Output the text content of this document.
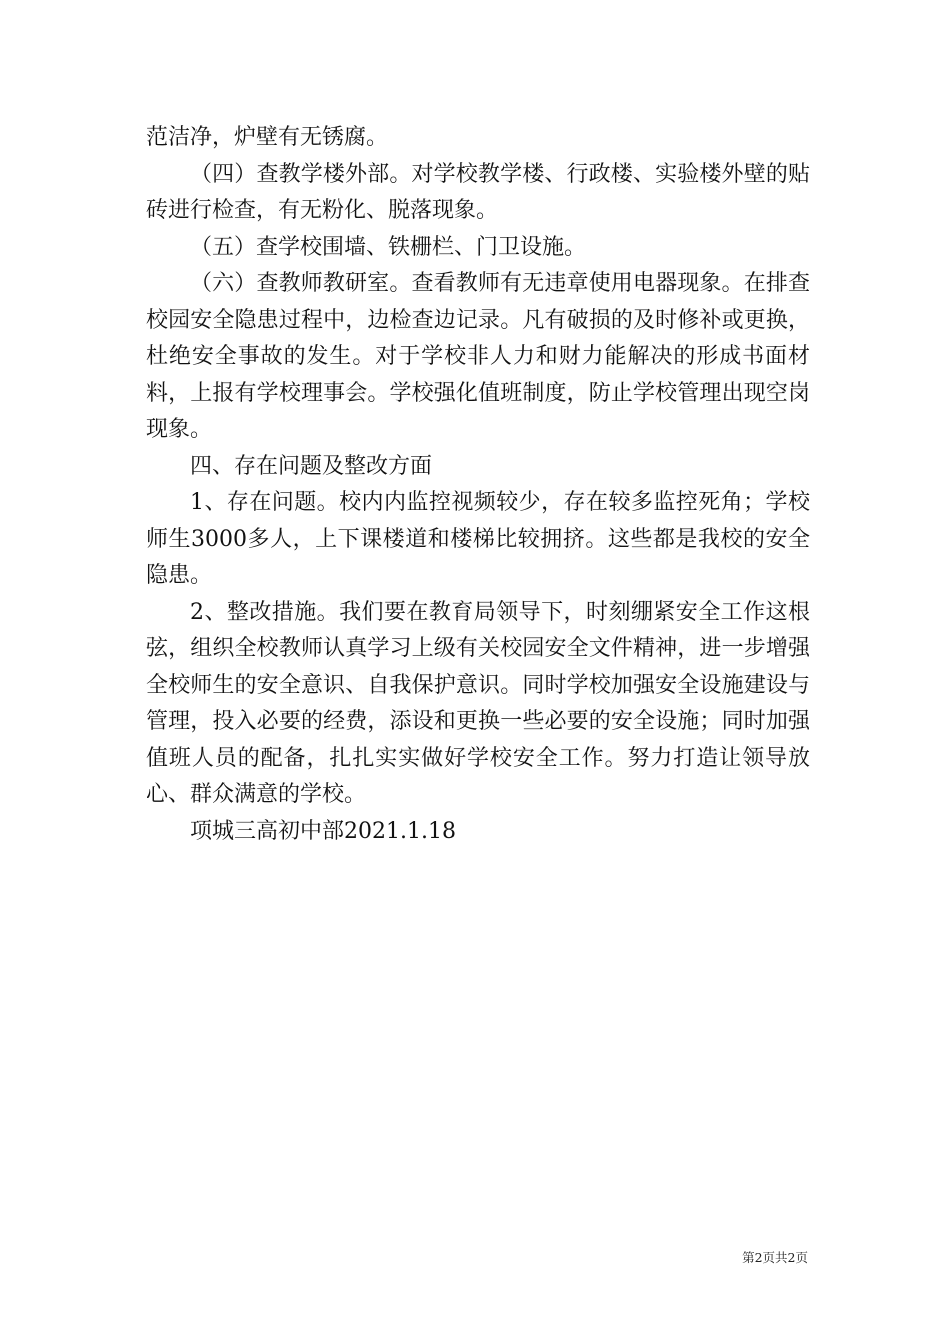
范洁净，炉壁有无锈腐。

（四）查教学楼外部。对学校教学楼、行政楼、实验楼外壁的贴砖进行检查，有无粉化、脱落现象。

（五）查学校围墙、铁栅栏、门卫设施。

（六）查教师教研室。查看教师有无违章使用电器现象。在排查校园安全隐患过程中，边检查边记录。凡有破损的及时修补或更换，杜绝安全事故的发生。对于学校非人力和财力能解决的形成书面材料，上报有学校理事会。学校强化值班制度，防止学校管理出现空岗现象。

四、存在问题及整改方面

1、存在问题。校内内监控视频较少，存在较多监控死角；学校师生3000多人，上下课楼道和楼梯比较拥挤。这些都是我校的安全隐患。

2、整改措施。我们要在教育局领导下，时刻绷紧安全工作这根弦，组织全校教师认真学习上级有关校园安全文件精神，进一步增强全校师生的安全意识、自我保护意识。同时学校加强安全设施建设与管理，投入必要的经费，添设和更换一些必要的安全设施；同时加强值班人员的配备，扎扎实实做好学校安全工作。努力打造让领导放心、群众满意的学校。

项城三高初中部2021.1.18

第2页共2页
